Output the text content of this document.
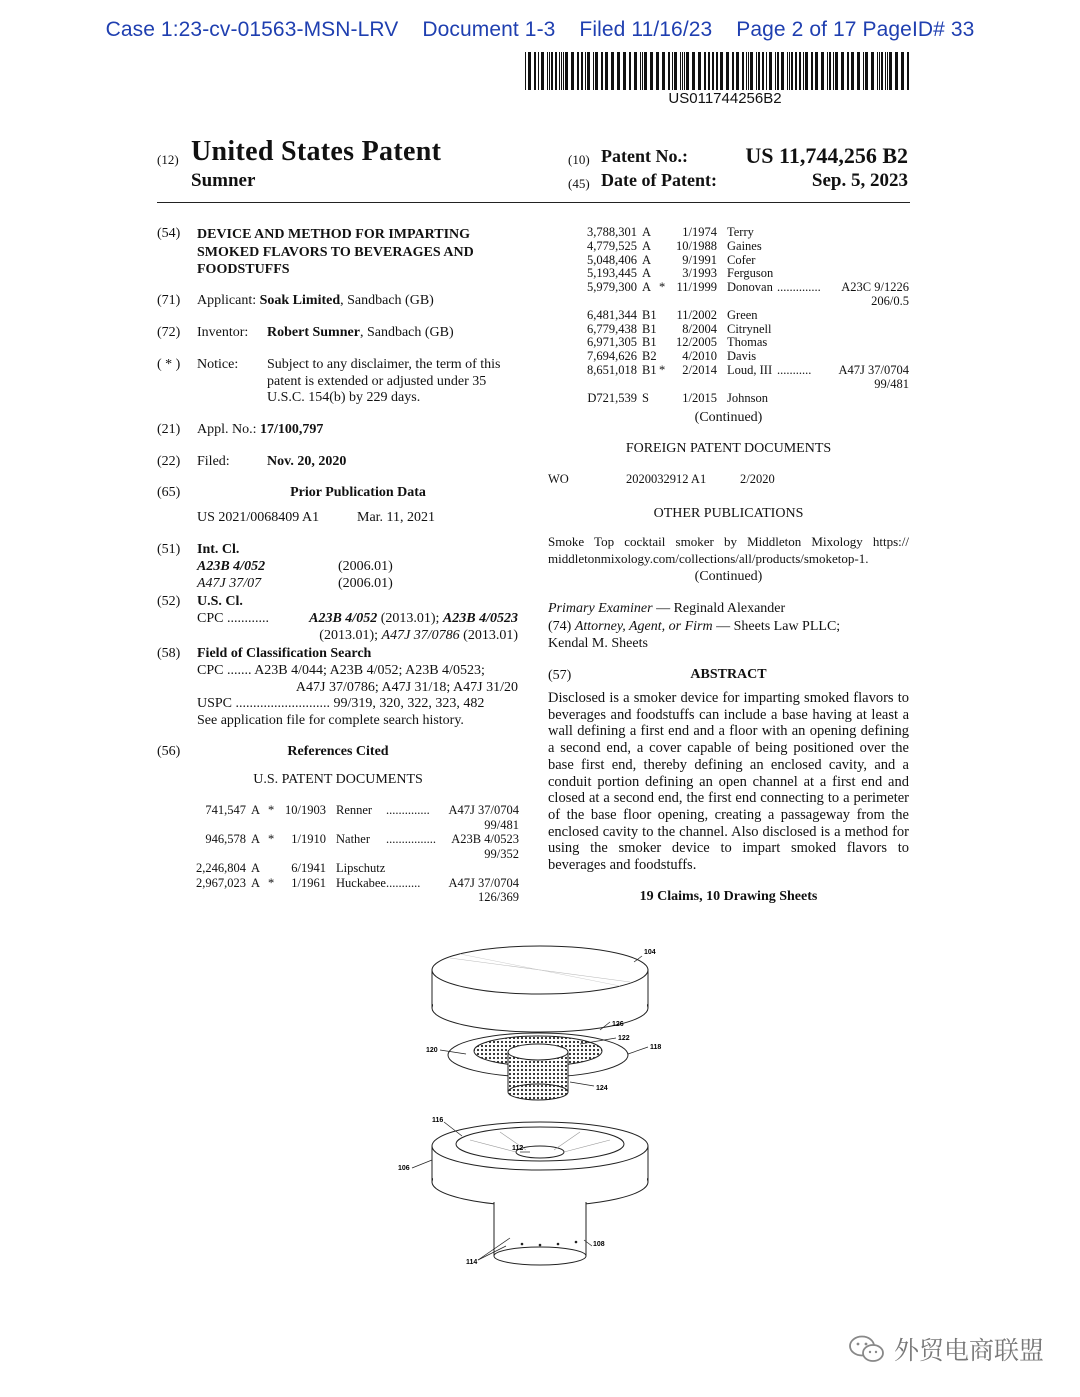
Case 1:23-cv-01563-MSN-LRV Document 1-3 Filed 11/16/23 Page 2 of 17 PageID# 33
US011744256B2
(12) United States Patent
Sumner
(10) Patent No.:	US 11,744,256 B2
(45) Date of Patent:	Sep. 5, 2023
(54) DEVICE AND METHOD FOR IMPARTING
SMOKED FLAVORS TO BEVERAGES AND
FOODSTUFFS
(71) Applicant: Soak Limited, Sandbach (GB)
(72) Inventor: Robert Sumner, Sandbach (GB)
( * ) Notice: Subject to any disclaimer, the term of this
patent is extended or adjusted under 35
U.S.C. 154(b) by 229 days.
(21) Appl. No.: 17/100,797
(22) Filed:	Nov. 20, 2020
(65)	Prior Publication Data
US 2021/0068409 A1	Mar. 11, 2021
(51) Int. Cl.
A23B 4/052	(2006.01)
A47J 37/07	(2006.01)
(52) U.S. Cl.
CPC ............	A23B 4/052 (2013.01); A23B 4/0523
(2013.01); A47J 37/0786 (2013.01)
(58) Field of Classification Search
CPC ....... A23B 4/044; A23B 4/052; A23B 4/0523;
A47J 37/0786; A47J 31/18; A47J 31/20
USPC ........................... 99/319, 320, 322, 323, 482
See application file for complete search history.
(56)	References Cited
U.S. PATENT DOCUMENTS
741,547 A * 10/1903 Renner .............. A47J 37/0704
99/481
946,578 A *	1/1910 Nather ................ A23B 4/0523
99/352
2,246,804 A	6/1941 Lipschutz
2,967,023 A *	1/1961 Huckabee ........... A47J 37/0704
126/369
3,788,301 A	1/1974 Terry
4,779,525 A	10/1988 Gaines
5,048,406 A	9/1991 Cofer
5,193,445 A	3/1993 Ferguson
5,979,300 A * 11/1999 Donovan .............. A23C 9/1226
206/0.5
6,481,344 B1	11/2002 Green
6,779,438 B1	8/2004 Citrynell
6,971,305 B1	12/2005 Thomas
7,694,626 B2	4/2010 Davis
8,651,018 B1 *	2/2014 Loud, III ........... A47J 37/0704
99/481
D721,539 S	1/2015 Johnson
(Continued)
FOREIGN PATENT DOCUMENTS
WO	2020032912 A1	2/2020
OTHER PUBLICATIONS
Smoke Top cocktail smoker by Middleton Mixology https://
middletonmixology.com/collections/all/products/smoketop-1.
(Continued)
Primary Examiner — Reginald Alexander
(74) Attorney, Agent, or Firm — Sheets Law PLLC;
Kendal M. Sheets
(57)	ABSTRACT
Disclosed is a smoker device for imparting smoked flavors to beverages and foodstuffs can include a base having at least a wall defining a first end and a floor with an opening defining a second end, a cover capable of being positioned over the base first end, thereby defining an enclosed cavity, and a conduit portion defining an open channel at a first end and closed at a second end, the first end connecting to a perimeter of the base floor opening, creating a passageway from the enclosed cavity to the channel. Also disclosed is a method for using the smoker device to impart smoked flavors to beverages and foodstuffs.
19 Claims, 10 Drawing Sheets
104
126
122
118
120
124
116
112
106
108
114
外贸电商联盟
